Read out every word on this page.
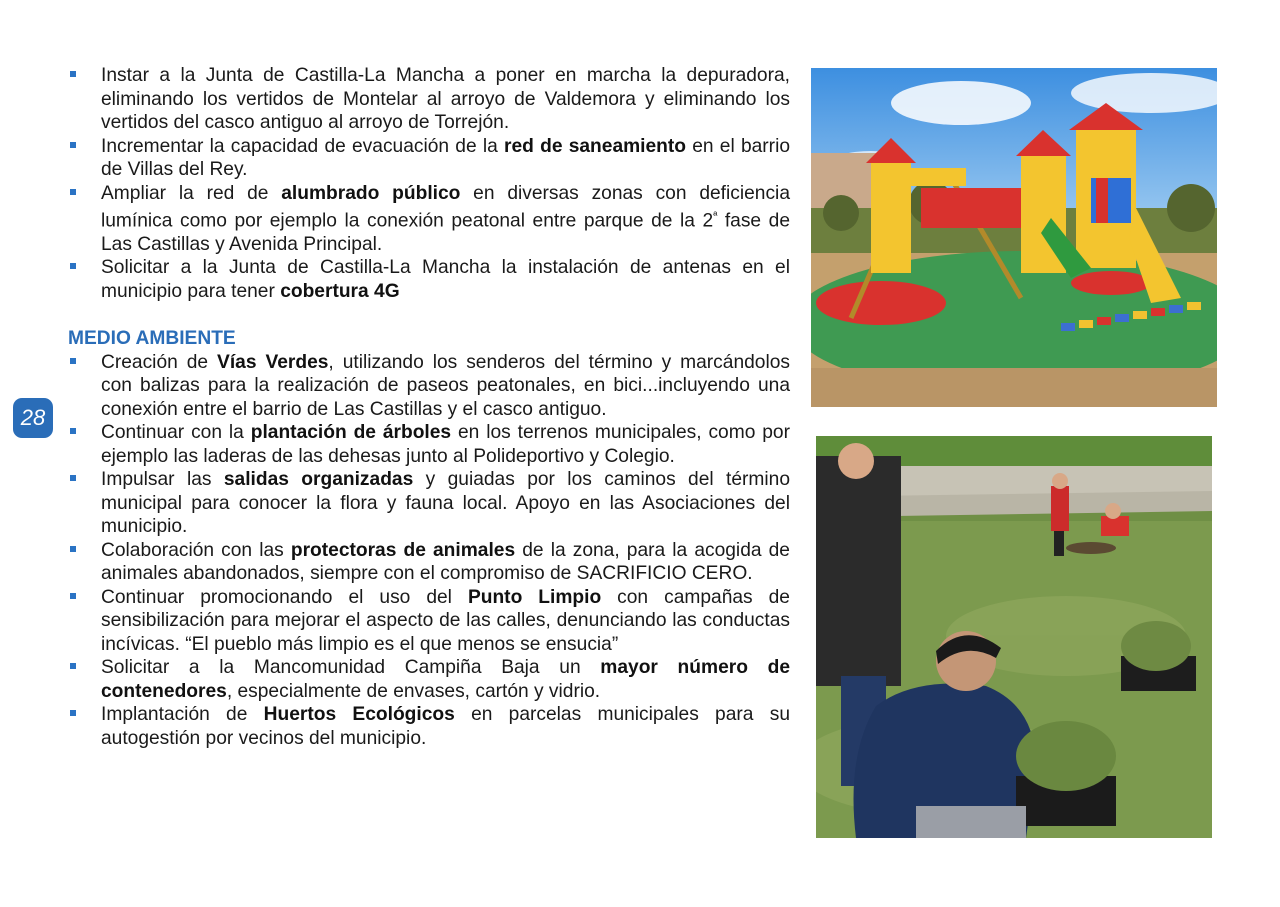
Instar a la Junta de Castilla-La Mancha a poner en marcha la depuradora, eliminando los vertidos de Montelar al arroyo de Valdemora y eliminando los vertidos del casco antiguo al arroyo de Torrejón.
Incrementar la capacidad de evacuación de la red de saneamiento en el barrio de Villas del Rey.
Ampliar la red de alumbrado público en diversas zonas con deficiencia lumínica como por ejemplo la conexión peatonal entre parque de la $2^ª$ fase de Las Castillas y Avenida Principal.
Solicitar a la Junta de Castilla-La Mancha la instalación de antenas en el municipio para tener cobertura 4G
MEDIO AMBIENTE
Creación de Vías Verdes, utilizando los senderos del término y marcándolos con balizas para la realización de paseos peatonales, en bici...incluyendo una conexión entre el barrio de Las Castillas y el casco antiguo.
Continuar con la plantación de árboles en los terrenos municipales, como por ejemplo las laderas de las dehesas junto al Polideportivo y Colegio.
Impulsar las salidas organizadas y guiadas por los caminos del término municipal para conocer la flora y fauna local. Apoyo en las Asociaciones del municipio.
Colaboración con las protectoras de animales de la zona, para la acogida de animales abandonados, siempre con el compromiso de SACRIFICIO CERO.
Continuar promocionando el uso del Punto Limpio con campañas de sensibilización para mejorar el aspecto de las calles, denunciando las conductas incívicas. “El pueblo más limpio es el que menos se ensucia”
Solicitar a la Mancomunidad Campiña Baja un mayor número de contenedores, especialmente de envases, cartón y vidrio.
Implantación de Huertos Ecológicos en parcelas municipales para su autogestión por vecinos del municipio.
28
